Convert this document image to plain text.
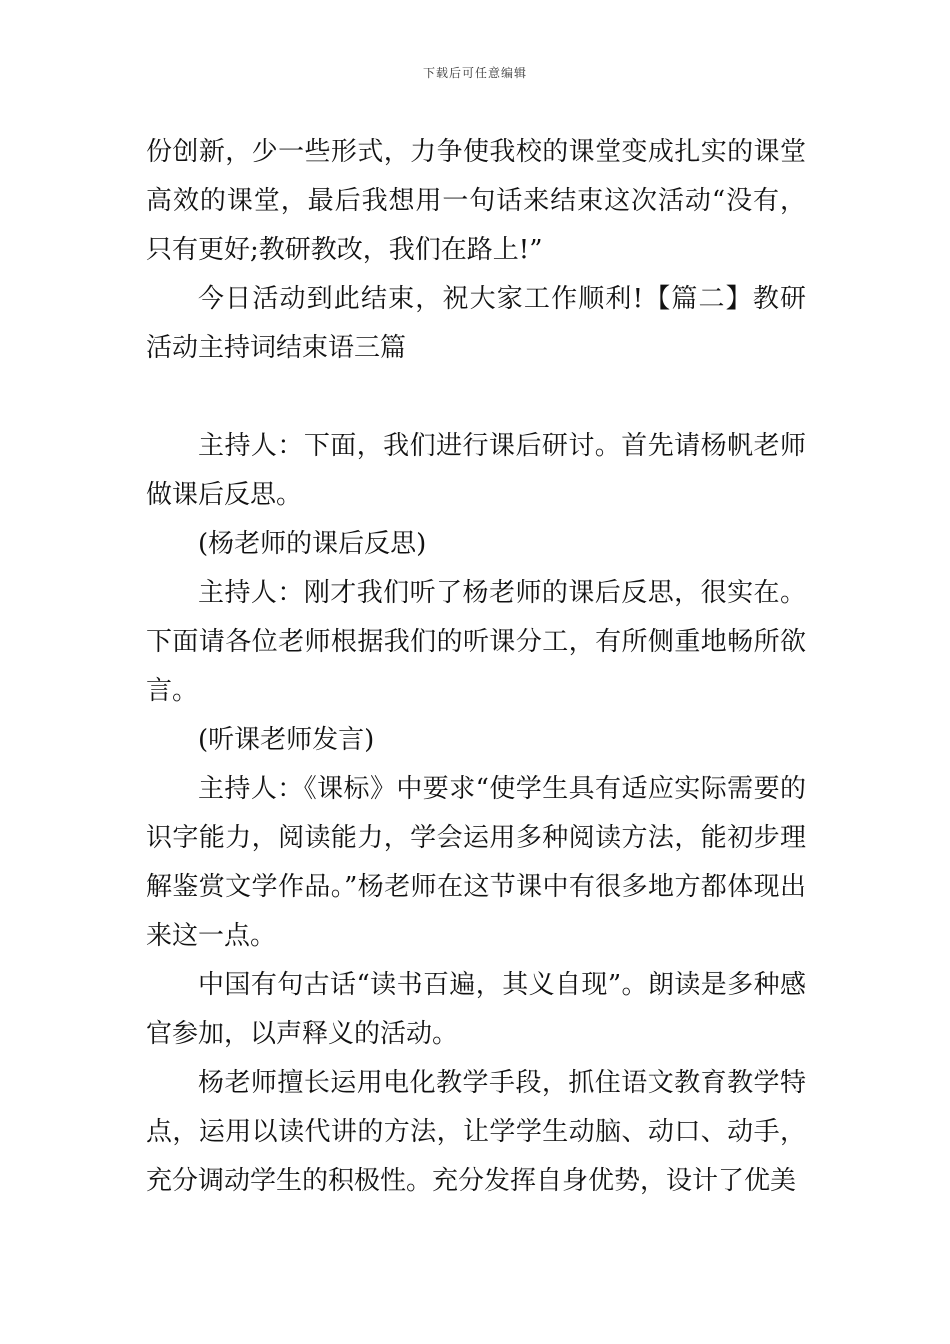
下载后可任意编辑

份创新，少一些形式，力争使我校的课堂变成扎实的课堂高效的课堂，最后我想用一句话来结束这次活动“没有，只有更好;教研教改，我们在路上!”

今日活动到此结束，祝大家工作顺利!【篇二】教研活动主持词结束语三篇

主持人：下面，我们进行课后研讨。首先请杨帆老师做课后反思。

(杨老师的课后反思)

主持人：刚才我们听了杨老师的课后反思，很实在。下面请各位老师根据我们的听课分工，有所侧重地畅所欲言。

(听课老师发言)

主持人：《课标》中要求“使学生具有适应实际需要的识字能力，阅读能力，学会运用多种阅读方法，能初步理解鉴赏文学作品。”杨老师在这节课中有很多地方都体现出来这一点。

中国有句古话“读书百遍，其义自现”。朗读是多种感官参加，以声释义的活动。

杨老师擅长运用电化教学手段，抓住语文教育教学特点，运用以读代讲的方法，让学学生动脑、动口、动手，充分调动学生的积极性。充分发挥自身优势，设计了优美
